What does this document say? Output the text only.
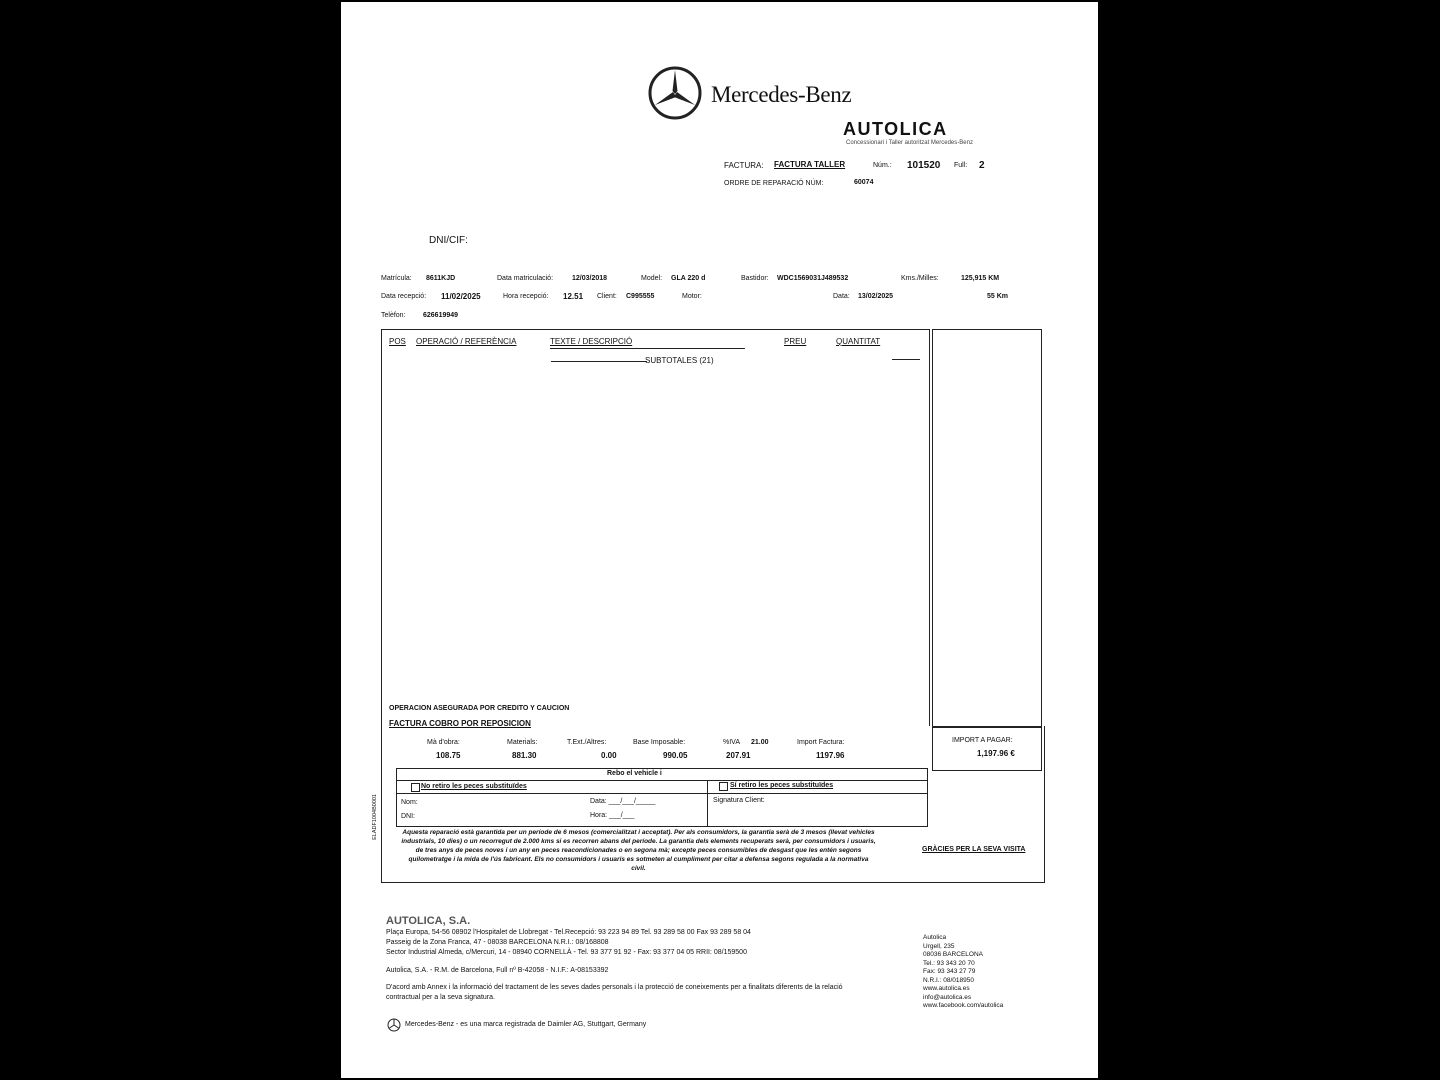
Mercedes-Benz
AUTOLICA
Concessionari i Taller autoritzat Mercedes-Benz
FACTURA: FACTURA TALLER	Núm.: 101520 Full: 2
ORDRE DE REPARACIÓ NÚM:	60074
DNI/CIF:
Matrícula: 8611KJD	Data matriculació:	12/03/2018	Model: GLA 220 d	Bastidor: WDC1569031J489532	Kms./Milles:	125,915 KM
Data recepció: 11/02/2025	Hora recepció: 12.51 Client: C995555	Motor:	Data: 13/02/2025	55 Km
Telèfon: 626619949
POS OPERACIÓ / REFERÈNCIA	TEXTE / DESCRIPCIÓ	PREU	QUANTITAT
SUBTOTALES (21)
OPERACION ASEGURADA POR CREDITO Y CAUCION
FACTURA COBRO POR REPOSICION
Mà d'obra:
108.75
Materials:
881.30
T.Ext./Altres:
0.00
Base Imposable:
990.05
%IVA 21.00
207.91
Import Factura:
1197.96
IMPORT A PAGAR:
1,197.96 €
Rebo el vehicle i
No retiro les peces substituïdes	Sí retiro les peces substituïdes
Nom:
DNI:
Data: ___/___/_____
Hora: ___/___
Signatura Client:
ELADF1004B0001	Aquesta reparació està garantida per un període de 6 mesos (comercialitzat i acceptat). Per als consumidors, la garantia serà de 3 mesos (llevat vehicles industrials, 10 dies) o un recorregut de 2.000 kms si es recorren abans del període. La garantia dels elements recuperats serà, per consumidors i usuaris, de tres anys de peces noves i un any en peces reacondicionades o en segona mà; excepte peces consumibles de desgast que les entén segons quilometratge i la mida de l'ús fabricant. Els no consumidors i usuaris es sotmeten al cumpliment per citar a defensa segons regulada a la normativa civil.
GRÀCIES PER LA SEVA VISITA
AUTOLICA, S.A.
Plaça Europa, 54-56 08902 l'Hospitalet de Llobregat - Tel.Recepció: 93 223 94 89 Tel. 93 289 58 00 Fax 93 289 58 04
Passeig de la Zona Franca, 47 - 08038 BARCELONA N.R.I.: 08/168808
Sector Industrial Almeda, c/Mercuri, 14 - 08940 CORNELLÀ - Tel. 93 377 91 92 - Fax: 93 377 04 05 RRII: 08/159500
Autolica, S.A. - R.M. de Barcelona, Full nº B-42058 - N.I.F.: A-08153392
D'acord amb Annex i la informació del tractament de les seves dades personals i la protecció de coneixements per a finalitats diferents de la relació contractual per a la seva signatura.
Mercedes-Benz - es una marca registrada de Daimler AG, Stuttgart, Germany
Autolica
Urgell, 235
08036 BARCELONA
Tel.: 93 343 20 70
Fax: 93 343 27 79
N.R.I.: 08/018950
www.autolica.es
info@autolica.es
www.facebook.com/autolica
